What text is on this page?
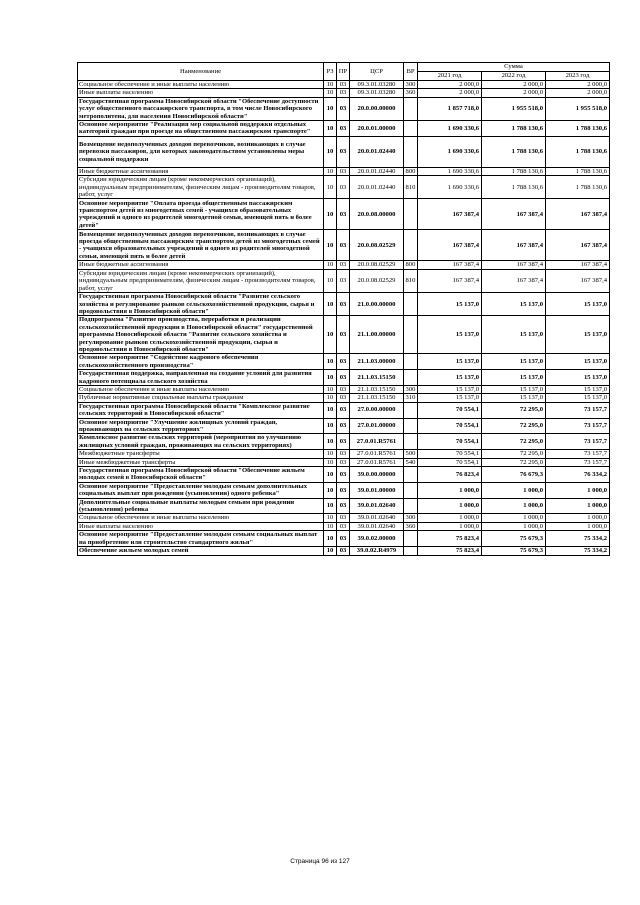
Наименование	РЗ	ПР	ЦСР	ВР	Сумма		
					2021 год	2022 год	2023 год
Социальное обеспечение и иные выплаты населению	10	03	09.3.01.03280	300	2 000,0	2 000,0	2 000,0
Иные выплаты населению	10	03	09.3.01.03280	360	2 000,0	2 000,0	2 000,0
Государственная программа Новосибирской области "Обеспечение доступности услуг общественного пассажирского транспорта, в том числе Новосибирского метрополитена, для населения Новосибирской области"	10	03	20.0.00.00000		1 857 718,0	1 955 518,0	1 955 518,0
Основное мероприятие "Реализация мер социальной поддержки отдельных категорий граждан при проезде на общественном пассажирском транспорте"	10	03	20.0.01.00000		1 690 330,6	1 788 130,6	1 788 130,6
Возмещение недополученных доходов перевозчиков, возникающих в случае перевозки пассажиров, для которых законодательством установлены меры социальной поддержки	10	03	20.0.01.02440		1 690 330,6	1 788 130,6	1 788 130,6
Иные бюджетные ассигнования	10	03	20.0.01.02440	800	1 690 330,6	1 788 130,6	1 788 130,6
Субсидии юридическим лицам (кроме некоммерческих организаций), индивидуальным предпринимателям, физическим лицам - производителям товаров, работ, услуг	10	03	20.0.01.02440	810	1 690 330,6	1 788 130,6	1 788 130,6
Основное мероприятие "Оплата проезда общественным пассажирским транспортом детей из многодетных семей - учащихся образовательных учреждений и одного из родителей многодетной семьи, имеющей пять и более детей"	10	03	20.0.08.00000		167 387,4	167 387,4	167 387,4
Возмещение недополученных доходов перевозчиков, возникающих в случае проезда общественным пассажирским транспортом детей из многодетных семей - учащихся образовательных учреждений и одного из родителей многодетной семьи, имеющей пять и более детей	10	03	20.0.08.02529		167 387,4	167 387,4	167 387,4
Иные бюджетные ассигнования	10	03	20.0.08.02529	800	167 387,4	167 387,4	167 387,4
Субсидии юридическим лицам (кроме некоммерческих организаций), индивидуальным предпринимателям, физическим лицам - производителям товаров, работ, услуг	10	03	20.0.08.02529	810	167 387,4	167 387,4	167 387,4
Государственная программа Новосибирской области "Развитие сельского хозяйства и регулирование рынков сельскохозяйственной продукции, сырья и продовольствия в Новосибирской области"	10	03	21.0.00.00000		15 137,0	15 137,0	15 137,0
Подпрограмма "Развитие производства, переработки и реализации сельскохозяйственной продукции в Новосибирской области" государственной программы Новосибирской области "Развитие сельского хозяйства и регулирование рынков сельскохозяйственной продукции, сырья и продовольствия в Новосибирской области"	10	03	21.1.00.00000		15 137,0	15 137,0	15 137,0
Основное мероприятие "Содействие кадрового обеспечения сельскохозяйственного производства"	10	03	21.1.03.00000		15 137,0	15 137,0	15 137,0
Государственная поддержка, направленная на создание условий для развития кадрового потенциала сельского хозяйства	10	03	21.1.03.15150		15 137,0	15 137,0	15 137,0
Социальное обеспечение и иные выплаты населению	10	03	21.1.03.15150	300	15 137,0	15 137,0	15 137,0
Публичные нормативные социальные выплаты гражданам	10	03	21.1.03.15150	310	15 137,0	15 137,0	15 137,0
Государственная программа Новосибирской области "Комплексное развитие сельских территорий в Новосибирской области"	10	03	27.0.00.00000		70 554,1	72 295,0	73 157,7
Основное мероприятие "Улучшение жилищных условий граждан, проживающих на сельских территориях"	10	03	27.0.01.00000		70 554,1	72 295,0	73 157,7
Комплексное развитие сельских территорий (мероприятия по улучшению жилищных условий граждан, проживающих на сельских территориях)	10	03	27.0.01.R5761		70 554,1	72 295,0	73 157,7
Межбюджетные трансферты	10	03	27.0.01.R5761	500	70 554,1	72 295,0	73 157,7
Иные межбюджетные трансферты	10	03	27.0.01.R5761	540	70 554,1	72 295,0	73 157,7
Государственная программа Новосибирской области "Обеспечение жильем молодых семей в Новосибирской области"	10	03	39.0.00.00000		76 823,4	76 679,3	76 334,2
Основное мероприятие "Предоставление молодым семьям дополнительных социальных выплат при рождении (усыновлении) одного ребенка"	10	03	39.0.01.00000		1 000,0	1 000,0	1 000,0
Дополнительные социальные выплаты молодым семьям при рождении (усыновлении) ребенка	10	03	39.0.01.02640		1 000,0	1 000,0	1 000,0
Социальное обеспечение и иные выплаты населению	10	03	39.0.01.02640	300	1 000,0	1 000,0	1 000,0
Иные выплаты населению	10	03	39.0.01.02640	360	1 000,0	1 000,0	1 000,0
Основное мероприятие "Предоставление молодым семьям социальных выплат на приобретение или строительство стандартного жилья"	10	03	39.0.02.00000		75 823,4	75 679,3	75 334,2
Обеспечение жильем молодых семей	10	03	39.0.02.R4979		75 823,4	75 679,3	75 334,2
Страница 96 из 127
